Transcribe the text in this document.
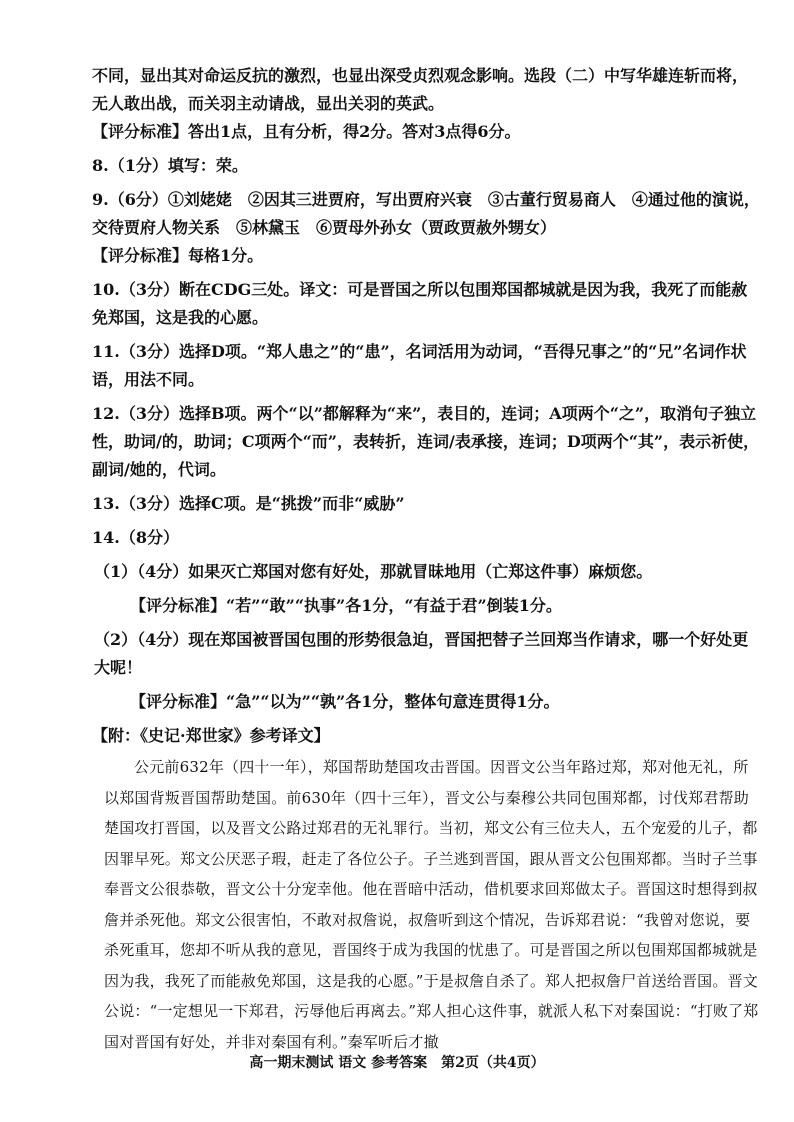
不同，显出其对命运反抗的激烈，也显出深受贞烈观念影响。选段（二）中写华雄连斩而将，无人敢出战，而关羽主动请战，显出关羽的英武。

【评分标准】答出1点，且有分析，得2分。答对3点得6分。

8.（1分）填写：荣。

9.（6分）①刘姥姥　②因其三进贾府，写出贾府兴衰　③古董行贸易商人　④通过他的演说，交待贾府人物关系　⑤林黛玉　⑥贾母外孙女（贾政贾赦外甥女）

【评分标准】每格1分。

10.（3分）断在CDG三处。译文：可是晋国之所以包围郑国都城就是因为我，我死了而能赦免郑国，这是我的心愿。

11.（3分）选择D项。“郑人患之”的“患”，名词活用为动词，“吾得兄事之”的“兄”名词作状语，用法不同。

12.（3分）选择B项。两个“以”都解释为“来”，表目的，连词；A项两个“之”，取消句子独立性，助词/的，助词；C项两个“而”，表转折，连词/表承接，连词；D项两个“其”，表示祈使，副词/她的，代词。

13.（3分）选择C项。是“挑拨”而非“威胁”

14.（8分）

（1）（4分）如果灭亡郑国对您有好处，那就冒昧地用（亡郑这件事）麻烦您。

【评分标准】“若”“敢”“执事”各1分，“有益于君”倒装1分。

（2）（4分）现在郑国被晋国包围的形势很急迫，晋国把替子兰回郑当作请求，哪一个好处更大呢！

【评分标准】“急”“以为”“孰”各1分，整体句意连贯得1分。

【附：《史记·郑世家》参考译文】

公元前632年（四十一年），郑国帮助楚国攻击晋国。因晋文公当年路过郑，郑对他无礼，所以郑国背叛晋国帮助楚国。前630年（四十三年），晋文公与秦穆公共同包围郑都，讨伐郑君帮助楚国攻打晋国，以及晋文公路过郑君的无礼罪行。当初，郑文公有三位夫人，五个宠爱的儿子，都因罪早死。郑文公厌恶子瑕，赶走了各位公子。子兰逃到晋国，跟从晋文公包围郑都。当时子兰事奉晋文公很恭敬，晋文公十分宠幸他。他在晋暗中活动，借机要求回郑做太子。晋国这时想得到叔詹并杀死他。郑文公很害怕，不敢对叔詹说，叔詹听到这个情况，告诉郑君说：“我曾对您说，要杀死重耳，您却不听从我的意见，晋国终于成为我国的忧患了。可是晋国之所以包围郑国都城就是因为我，我死了而能赦免郑国，这是我的心愿。”于是叔詹自杀了。郑人把叔詹尸首送给晋国。晋文公说：“一定想见一下郑君，污辱他后再离去。”郑人担心这件事，就派人私下对秦国说：“打败了郑国对晋国有好处，并非对秦国有利。”秦军听后才撤

高一期末测试 语文 参考答案　第2页（共4页）
